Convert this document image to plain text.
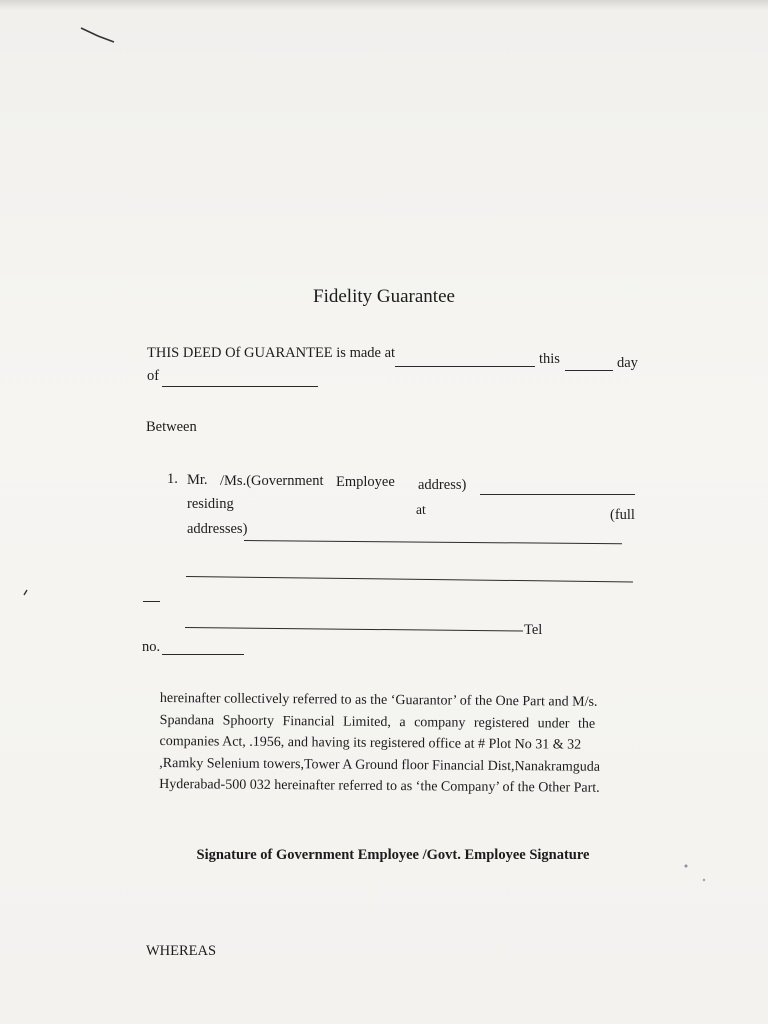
Fidelity Guarantee
THIS DEED Of GUARANTEE is made at	this	day
of
Between
1. Mr. /Ms.(Government Employee address)
residing	at	(full
addresses)
Tel
no.

hereinafter collectively referred to as the ‘Guarantor’ of the One Part and M/s.

Spandana Sphoorty Financial Limited, a company registered under the

companies Act, .1956, and having its registered office at # Plot No 31 & 32

,Ramky Selenium towers,Tower A Ground floor Financial Dist,Nanakramguda

Hyderabad-500 032 hereinafter referred to as ‘the Company’ of the Other Part.

Signature of Government Employee /Govt. Employee Signature
WHEREAS
